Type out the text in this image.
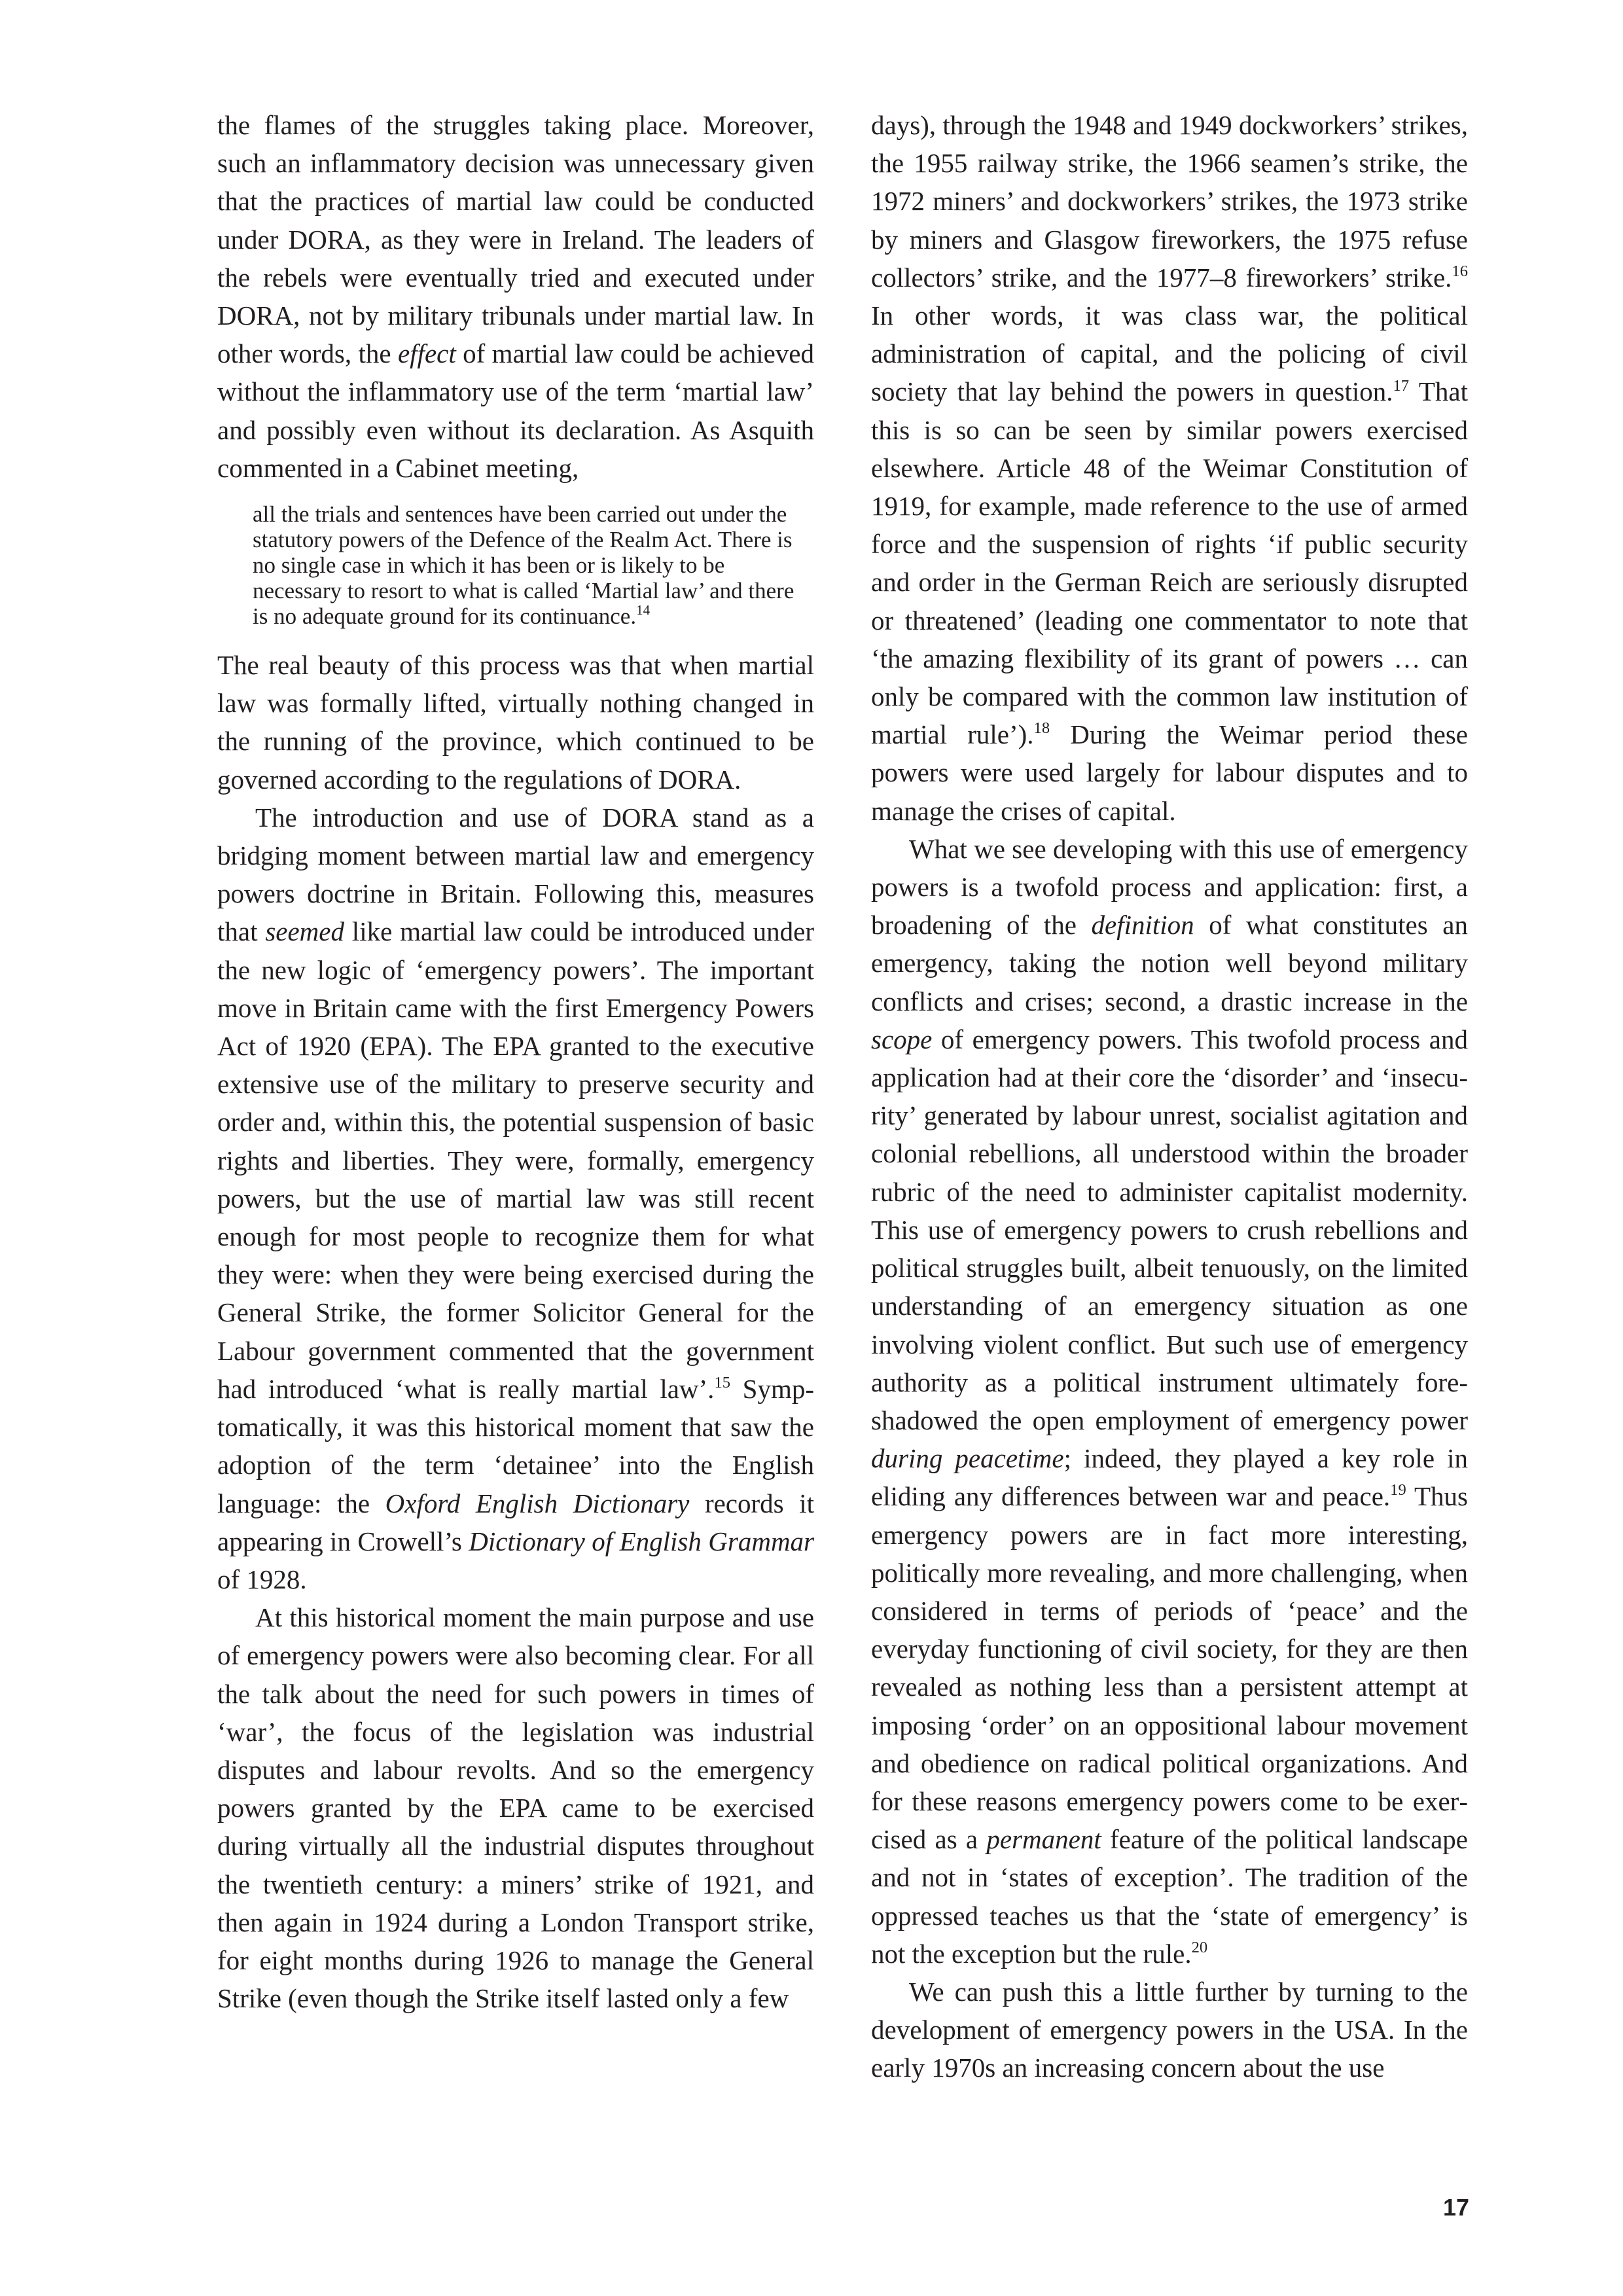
the flames of the struggles taking place. Moreover, such an inflammatory decision was unnecessary given that the practices of martial law could be conducted under DORA, as they were in Ireland. The leaders of the rebels were eventually tried and executed under DORA, not by military tribunals under martial law. In other words, the effect of martial law could be achieved without the inflammatory use of the term ‘martial law’ and possibly even without its declaration. As Asquith commented in a Cabinet meeting,

all the trials and sentences have been carried out under the statutory powers of the Defence of the Realm Act. There is no single case in which it has been or is likely to be necessary to resort to what is called ‘Martial law’ and there is no adequate ground for its continuance.$^{14}$

The real beauty of this process was that when martial law was formally lifted, virtually nothing changed in the running of the province, which continued to be governed according to the regulations of DORA.

The introduction and use of DORA stand as a bridging moment between martial law and emergency powers doctrine in Britain. Following this, measures that seemed like martial law could be introduced under the new logic of ‘emergency powers’. The important move in Britain came with the first Emergency Powers Act of 1920 (EPA). The EPA granted to the executive extensive use of the military to preserve security and order and, within this, the potential suspension of basic rights and liberties. They were, formally, emergency powers, but the use of martial law was still recent enough for most people to recognize them for what they were: when they were being exercised during the General Strike, the former Solicitor General for the Labour government commented that the government had introduced ‘what is really martial law’.$^{15}$ Symptomatically, it was this historical moment that saw the adoption of the term ‘detainee’ into the English language: the Oxford English Dictionary records it appearing in Crowell’s Dictionary of English Grammar of 1928.

At this historical moment the main purpose and use of emergency powers were also becoming clear. For all the talk about the need for such powers in times of ‘war’, the focus of the legislation was industrial disputes and labour revolts. And so the emergency powers granted by the EPA came to be exercised during virtually all the industrial disputes throughout the twentieth century: a miners’ strike of 1921, and then again in 1924 during a London Transport strike, for eight months during 1926 to manage the General Strike (even though the Strike itself lasted only a few

days), through the 1948 and 1949 dockworkers’ strikes, the 1955 railway strike, the 1966 seamen’s strike, the 1972 miners’ and dockworkers’ strikes, the 1973 strike by miners and Glasgow fireworkers, the 1975 refuse collectors’ strike, and the 1977–8 fireworkers’ strike.$^{16}$ In other words, it was class war, the political administration of capital, and the policing of civil society that lay behind the powers in question.$^{17}$ That this is so can be seen by similar powers exercised elsewhere. Article 48 of the Weimar Constitution of 1919, for example, made reference to the use of armed force and the suspension of rights ‘if public security and order in the German Reich are seriously disrupted or threatened’ (leading one commentator to note that ‘the amazing flexibility of its grant of powers … can only be compared with the common law institution of martial rule’).$^{18}$ During the Weimar period these powers were used largely for labour disputes and to manage the crises of capital.

What we see developing with this use of emergency powers is a twofold process and application: first, a broadening of the definition of what constitutes an emergency, taking the notion well beyond military conflicts and crises; second, a drastic increase in the scope of emergency powers. This twofold process and application had at their core the ‘disorder’ and ‘insecurity’ generated by labour unrest, socialist agitation and colonial rebellions, all understood within the broader rubric of the need to administer capitalist modernity. This use of emergency powers to crush rebellions and political struggles built, albeit tenuously, on the limited understanding of an emergency situation as one involving violent conflict. But such use of emergency authority as a political instrument ultimately foreshadowed the open employment of emergency power during peacetime; indeed, they played a key role in eliding any differences between war and peace.$^{19}$ Thus emergency powers are in fact more interesting, politically more revealing, and more challenging, when considered in terms of periods of ‘peace’ and the everyday functioning of civil society, for they are then revealed as nothing less than a persistent attempt at imposing ‘order’ on an oppositional labour movement and obedience on radical political organizations. And for these reasons emergency powers come to be exercised as a permanent feature of the political landscape and not in ‘states of exception’. The tradition of the oppressed teaches us that the ‘state of emergency’ is not the exception but the rule.$^{20}$

We can push this a little further by turning to the development of emergency powers in the USA. In the early 1970s an increasing concern about the use

17
